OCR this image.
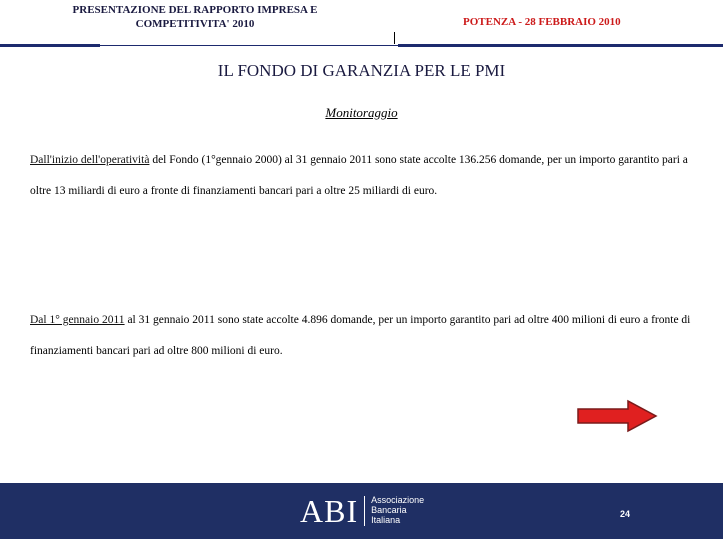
PRESENTAZIONE DEL RAPPORTO IMPRESA E
COMPETITIVITA' 2010	POTENZA - 28 FEBBRAIO 2010
IL FONDO DI GARANZIA PER LE PMI
Monitoraggio
Dall'inizio dell'operatività del Fondo (1°gennaio 2000) al 31 gennaio 2011 sono state accolte 136.256 domande, per un importo garantito pari a oltre 13 miliardi di euro a fronte di finanziamenti bancari pari a oltre 25 miliardi di euro.
Dal 1° gennaio 2011 al 31 gennaio 2011 sono state accolte 4.896 domande, per un importo garantito pari ad oltre 400 milioni di euro a fronte di finanziamenti bancari pari ad oltre 800 milioni di euro.
ABI Associazione
Bancaria
Italiana
24
